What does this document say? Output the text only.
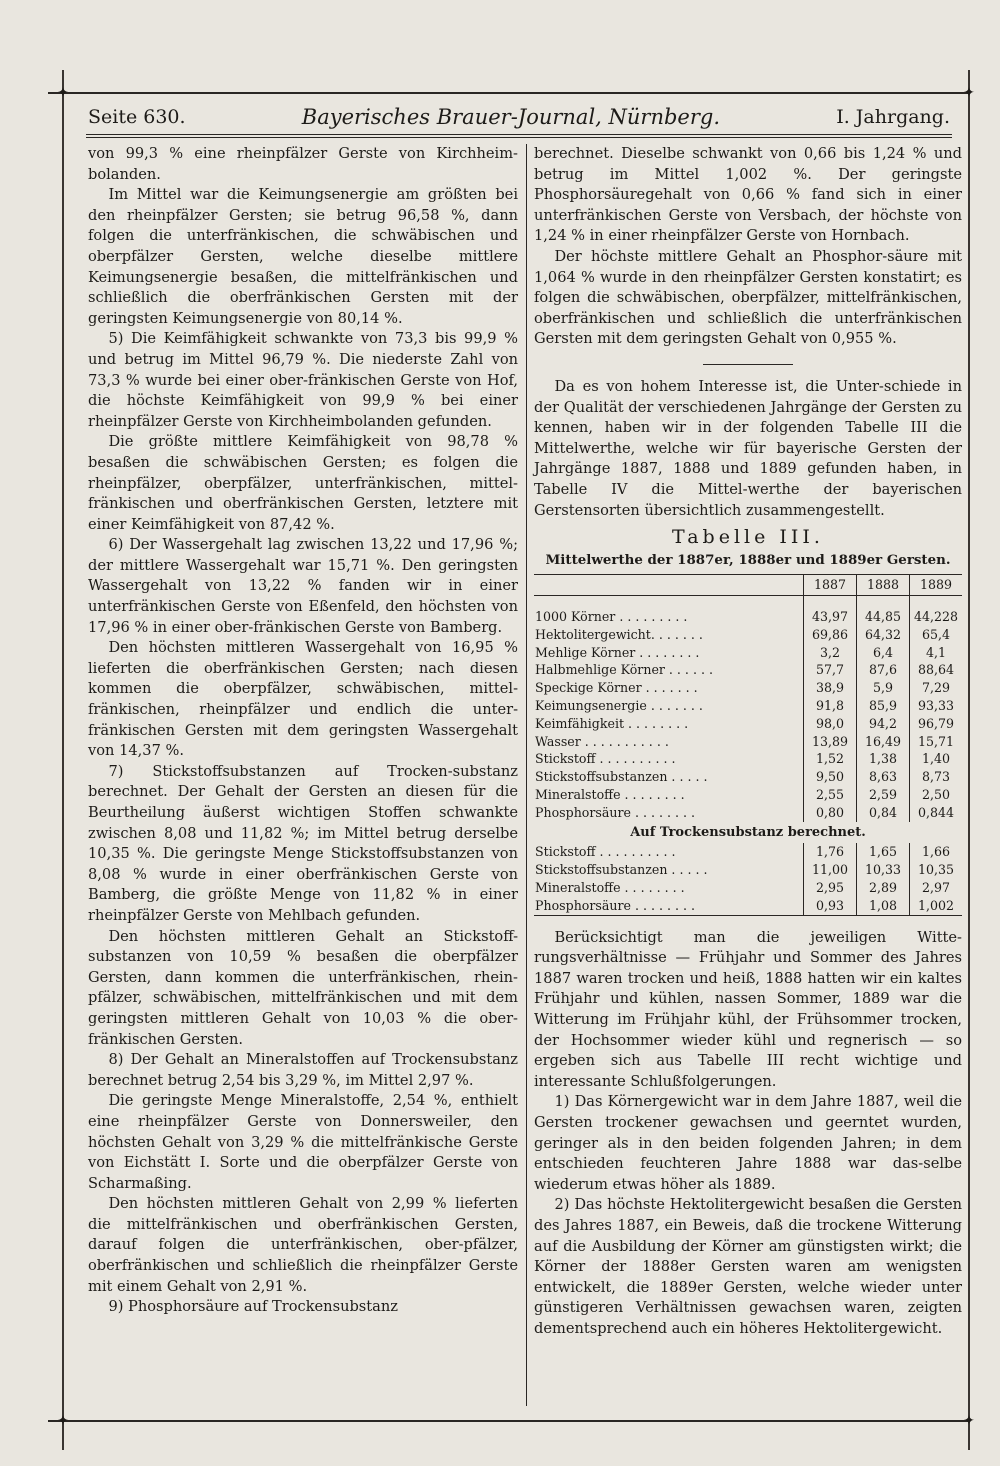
✦	✦
✦	✦
Seite 630.	Bayerisches Brauer-Journal, Nürnberg.	I. Jahrgang.

von 99,3 % eine rheinpfälzer Gerste von Kirchheim-bolanden.

Im Mittel war die Keimungsenergie am größten bei den rheinpfälzer Gersten; sie betrug 96,58 %, dann folgen die unterfränkischen, die schwäbischen und oberpfälzer Gersten, welche dieselbe mittlere Keimungsenergie besaßen, die mittelfränkischen und schließlich die oberfränkischen Gersten mit der geringsten Keimungsenergie von 80,14 %.

5) Die Keimfähigkeit schwankte von 73,3 bis 99,9 % und betrug im Mittel 96,79 %. Die niederste Zahl von 73,3 % wurde bei einer ober-fränkischen Gerste von Hof, die höchste Keimfähigkeit von 99,9 % bei einer rheinpfälzer Gerste von Kirchheimbolanden gefunden.

Die größte mittlere Keimfähigkeit von 98,78 % besaßen die schwäbischen Gersten; es folgen die rheinpfälzer, oberpfälzer, unterfränkischen, mittel-fränkischen und oberfränkischen Gersten, letztere mit einer Keimfähigkeit von 87,42 %.

6) Der Wassergehalt lag zwischen 13,22 und 17,96 %; der mittlere Wassergehalt war 15,71 %. Den geringsten Wassergehalt von 13,22 % fanden wir in einer unterfränkischen Gerste von Eßenfeld, den höchsten von 17,96 % in einer ober-fränkischen Gerste von Bamberg.

Den höchsten mittleren Wassergehalt von 16,95 % lieferten die oberfränkischen Gersten; nach diesen kommen die oberpfälzer, schwäbischen, mittel-fränkischen, rheinpfälzer und endlich die unter-fränkischen Gersten mit dem geringsten Wassergehalt von 14,37 %.

7) Stickstoffsubstanzen auf Trocken-substanz berechnet. Der Gehalt der Gersten an diesen für die Beurtheilung äußerst wichtigen Stoffen schwankte zwischen 8,08 und 11,82 %; im Mittel betrug derselbe 10,35 %. Die geringste Menge Stickstoffsubstanzen von 8,08 % wurde in einer oberfränkischen Gerste von Bamberg, die größte Menge von 11,82 % in einer rheinpfälzer Gerste von Mehlbach gefunden.

Den höchsten mittleren Gehalt an Stickstoff-substanzen von 10,59 % besaßen die oberpfälzer Gersten, dann kommen die unterfränkischen, rhein-pfälzer, schwäbischen, mittelfränkischen und mit dem geringsten mittleren Gehalt von 10,03 % die ober-fränkischen Gersten.

8) Der Gehalt an Mineralstoffen auf Trockensubstanz berechnet betrug 2,54 bis 3,29 %, im Mittel 2,97 %.

Die geringste Menge Mineralstoffe, 2,54 %, enthielt eine rheinpfälzer Gerste von Donnersweiler, den höchsten Gehalt von 3,29 % die mittelfränkische Gerste von Eichstätt I. Sorte und die oberpfälzer Gerste von Scharmaßing.

Den höchsten mittleren Gehalt von 2,99 % lieferten die mittelfränkischen und oberfränkischen Gersten, darauf folgen die unterfränkischen, ober-pfälzer, oberfränkischen und schließlich die rheinpfälzer Gerste mit einem Gehalt von 2,91 %.

9) Phosphorsäure auf Trockensubstanz

berechnet. Dieselbe schwankt von 0,66 bis 1,24 % und betrug im Mittel 1,002 %. Der geringste Phosphorsäuregehalt von 0,66 % fand sich in einer unterfränkischen Gerste von Versbach, der höchste von 1,24 % in einer rheinpfälzer Gerste von Hornbach.

Der höchste mittlere Gehalt an Phosphor-säure mit 1,064 % wurde in den rheinpfälzer Gersten konstatirt; es folgen die schwäbischen, oberpfälzer, mittelfränkischen, oberfränkischen und schließlich die unterfränkischen Gersten mit dem geringsten Gehalt von 0,955 %.

Da es von hohem Interesse ist, die Unter-schiede in der Qualität der verschiedenen Jahrgänge der Gersten zu kennen, haben wir in der folgenden Tabelle III die Mittelwerthe, welche wir für bayerische Gersten der Jahrgänge 1887, 1888 und 1889 gefunden haben, in Tabelle IV die Mittel-werthe der bayerischen Gerstensorten übersichtlich zusammengestellt.

Tabelle III.
Mittelwerthe der 1887er, 1888er und 1889er Gersten.
	1887	1888	1889

1000 Körner . . . . . . . . .	43,97	44,85	44,228
Hektolitergewicht. . . . . . .	69,86	64,32	65,4
Mehlige Körner . . . . . . . .	3,2	6,4	4,1
Halbmehlige Körner . . . . . .	57,7	87,6	88,64
Speckige Körner . . . . . . .	38,9	5,9	7,29
Keimungsenergie . . . . . . .	91,8	85,9	93,33
Keimfähigkeit . . . . . . . .	98,0	94,2	96,79
Wasser . . . . . . . . . . .	13,89	16,49	15,71
Stickstoff . . . . . . . . . .	1,52	1,38	1,40
Stickstoffsubstanzen . . . . .	9,50	8,63	8,73
Mineralstoffe . . . . . . . .	2,55	2,59	2,50
Phosphorsäure . . . . . . . .	0,80	0,84	0,844
Auf Trockensubstanz berechnet.			
Stickstoff . . . . . . . . . .	1,76	1,65	1,66
Stickstoffsubstanzen . . . . .	11,00	10,33	10,35
Mineralstoffe . . . . . . . .	2,95	2,89	2,97
Phosphorsäure . . . . . . . .	0,93	1,08	1,002

Berücksichtigt man die jeweiligen Witte-rungsverhältnisse — Frühjahr und Sommer des Jahres 1887 waren trocken und heiß, 1888 hatten wir ein kaltes Frühjahr und kühlen, nassen Sommer, 1889 war die Witterung im Frühjahr kühl, der Frühsommer trocken, der Hochsommer wieder kühl und regnerisch — so ergeben sich aus Tabelle III recht wichtige und interessante Schlußfolgerungen.

1) Das Körnergewicht war in dem Jahre 1887, weil die Gersten trockener gewachsen und geerntet wurden, geringer als in den beiden folgenden Jahren; in dem entschieden feuchteren Jahre 1888 war das-selbe wiederum etwas höher als 1889.

2) Das höchste Hektolitergewicht besaßen die Gersten des Jahres 1887, ein Beweis, daß die trockene Witterung auf die Ausbildung der Körner am günstigsten wirkt; die Körner der 1888er Gersten waren am wenigsten entwickelt, die 1889er Gersten, welche wieder unter günstigeren Verhältnissen gewachsen waren, zeigten dementsprechend auch ein höheres Hektolitergewicht.
